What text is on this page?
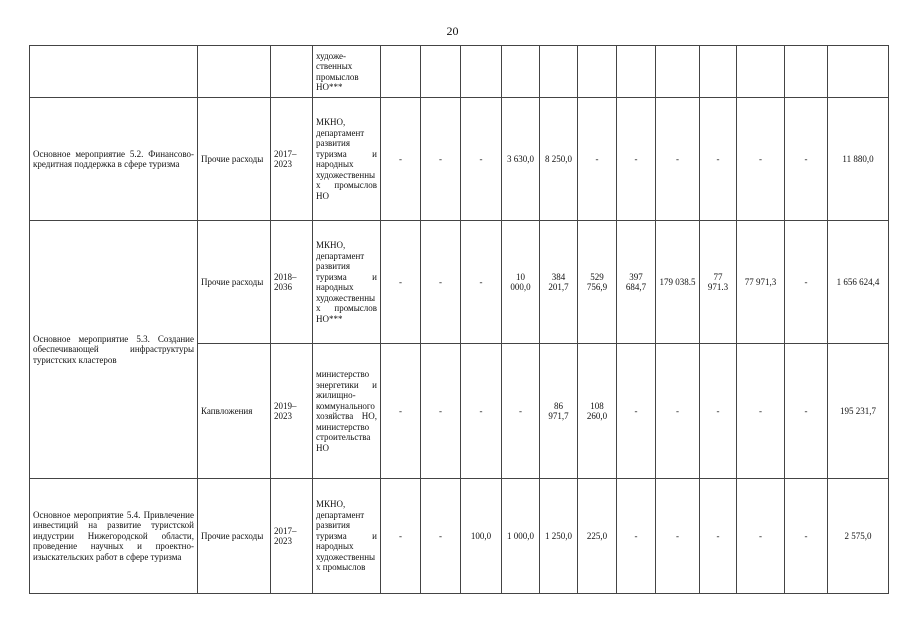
20
			художественных промыслов НО***												
Основное мероприятие 5.2. Финансово-кредитная поддержка в сфере туризма	Прочие расходы	2017–2023	МКНО, департамент развития туризма и народных художественных промыслов НО	-	-	-	3 630,0	8 250,0	-	-	-	-	-	-	11 880,0
Основное мероприятие 5.3. Создание обеспечивающей инфраструктуры туристских кластеров	Прочие расходы	2018–2036	МКНО, департамент развития туризма и народных художественных промыслов НО***	-	-	-	10 000,0	384 201,7	529 756,9	397 684,7	179 038.5	77 971.3	77 971,3	-	1 656 624,4
	Капвложения	2019–2023	министерство энергетики и жилищно-коммунального хозяйства НО, министерство строительства НО	-	-	-	-	86 971,7	108 260,0	-	-	-	-	-	195 231,7
Основное мероприятие 5.4. Привлечение инвестиций на развитие туристской индустрии Нижегородской области, проведение научных и проектно-изыскательских работ в сфере туризма	Прочие расходы	2017–2023	МКНО, департамент развития туризма и народных художественных промыслов	-	-	100,0	1 000,0	1 250,0	225,0	-	-	-	-	-	2 575,0
